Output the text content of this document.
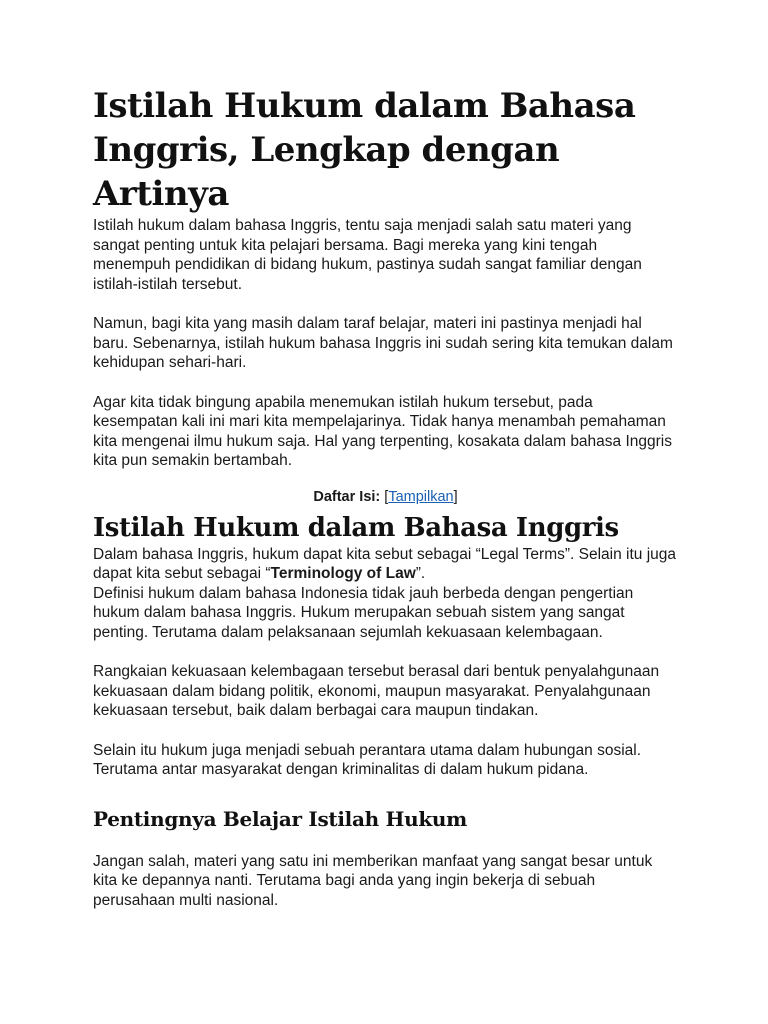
Istilah Hukum dalam Bahasa Inggris, Lengkap dengan Artinya

Istilah hukum dalam bahasa Inggris, tentu saja menjadi salah satu materi yang sangat penting untuk kita pelajari bersama. Bagi mereka yang kini tengah menempuh pendidikan di bidang hukum, pastinya sudah sangat familiar dengan istilah-istilah tersebut.

Namun, bagi kita yang masih dalam taraf belajar, materi ini pastinya menjadi hal baru. Sebenarnya, istilah hukum bahasa Inggris ini sudah sering kita temukan dalam kehidupan sehari-hari.

Agar kita tidak bingung apabila menemukan istilah hukum tersebut, pada kesempatan kali ini mari kita mempelajarinya. Tidak hanya menambah pemahaman kita mengenai ilmu hukum saja. Hal yang terpenting, kosakata dalam bahasa Inggris kita pun semakin bertambah.

Daftar Isi: [Tampilkan]
Istilah Hukum dalam Bahasa Inggris

Dalam bahasa Inggris, hukum dapat kita sebut sebagai “Legal Terms”. Selain itu juga dapat kita sebut sebagai “Terminology of Law”.

Definisi hukum dalam bahasa Indonesia tidak jauh berbeda dengan pengertian hukum dalam bahasa Inggris. Hukum merupakan sebuah sistem yang sangat penting. Terutama dalam pelaksanaan sejumlah kekuasaan kelembagaan.

Rangkaian kekuasaan kelembagaan tersebut berasal dari bentuk penyalahgunaan kekuasaan dalam bidang politik, ekonomi, maupun masyarakat. Penyalahgunaan kekuasaan tersebut, baik dalam berbagai cara maupun tindakan.

Selain itu hukum juga menjadi sebuah perantara utama dalam hubungan sosial. Terutama antar masyarakat dengan kriminalitas di dalam hukum pidana.

Pentingnya Belajar Istilah Hukum

Jangan salah, materi yang satu ini memberikan manfaat yang sangat besar untuk kita ke depannya nanti. Terutama bagi anda yang ingin bekerja di sebuah perusahaan multi nasional.
